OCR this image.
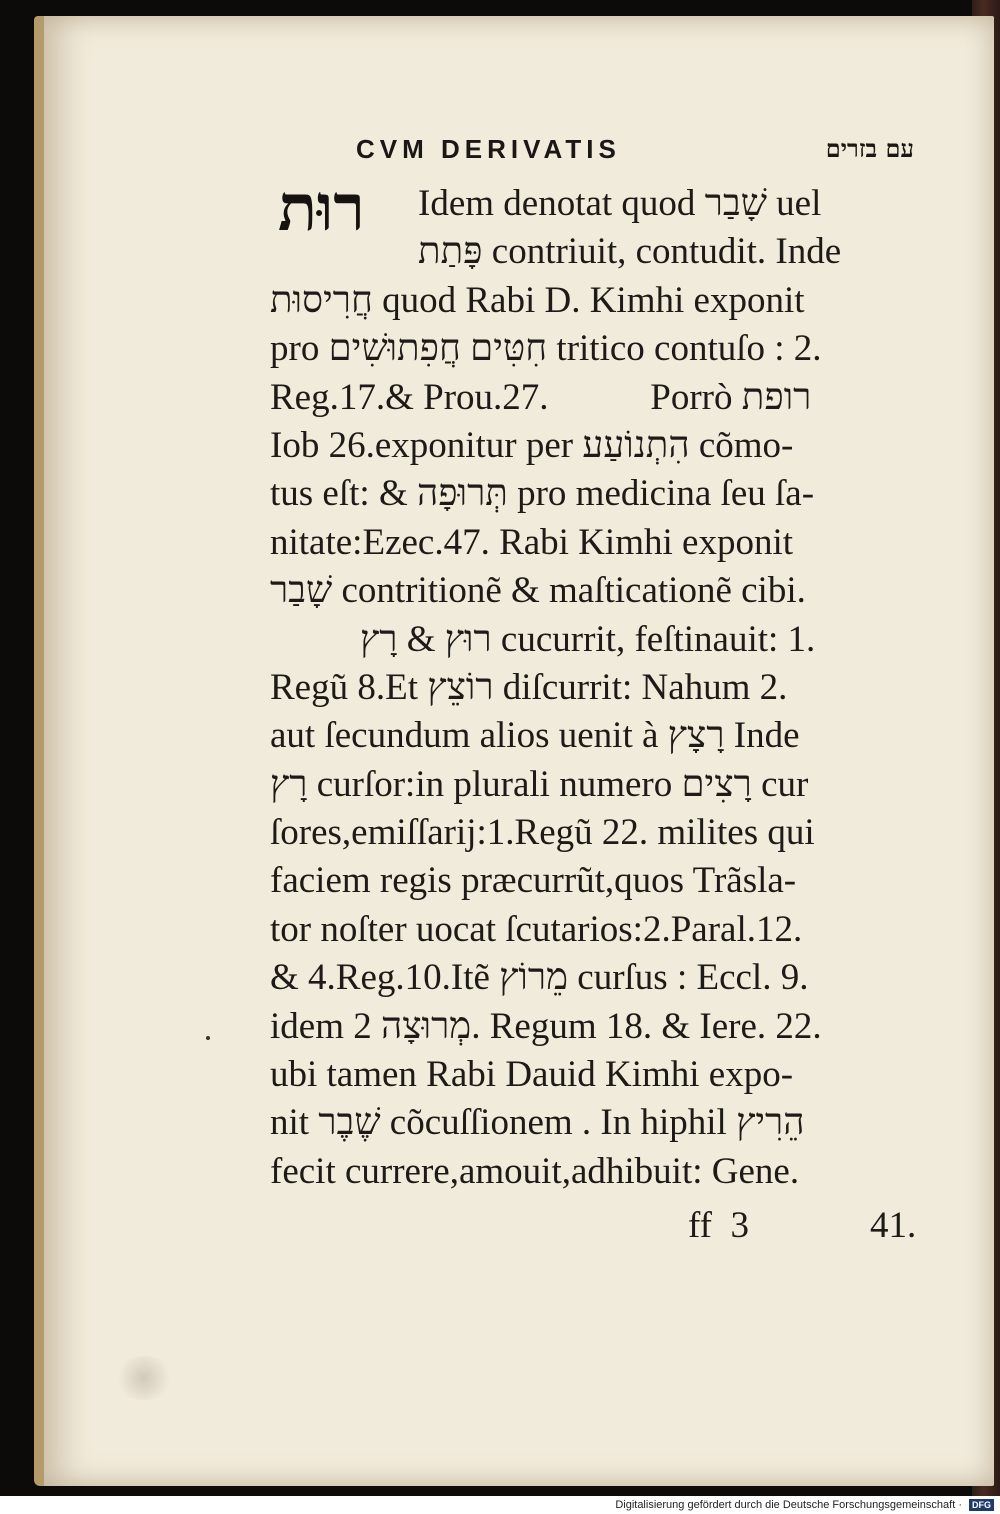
CVM DERIVATIS	עם בזרים
רוּת	Idem denotat quod שָׁבַר uel
פָּתַת contriuit, contudit. Inde
חֲרִיסוּת quod Rabi D. Kimhi exponit
pro חִטִּים חֲפִתוּשִׁים tritico contuſo : 2.
Reg.17.& Prou.27.           Porrò רופת
Iob 26.exponitur per הִתְנוֹעַע cõmo-
tus eſt: & תְּרוּפָה pro medicina ſeu ſa-
nitate:Ezec.47. Rabi Kimhi exponit
שָׁבַר contritionẽ & maſticationẽ cibi.
רוּץ & רָץ cucurrit, feſtinauit: 1.
Regũ 8.Et רוֹצֵץ diſcurrit: Nahum 2.
aut ſecundum alios uenit à רָצָץ Inde
רָץ curſor:in plurali numero רָצִים cur
ſores,emiſſarij:1.Regũ 22. milites qui
faciem regis præcurrũt,quos Trãsla-
tor noſter uocat ſcutarios:2.Paral.12.
& 4.Reg.10.Itẽ מֵרוֹץ curſus : Eccl. 9.
idem מְרוּצָה 2. Regum 18. & Iere. 22.
ubi tamen Rabi Dauid Kimhi expo-
nit שֶׁבֶר cõcuſſionem . In hiphil הֵרִיץ
fecit currere,amouit,adhibuit: Gene.
ff  3	41.
Digitalisierung gefördert durch die Deutsche Forschungsgemeinschaft ·	DFG
